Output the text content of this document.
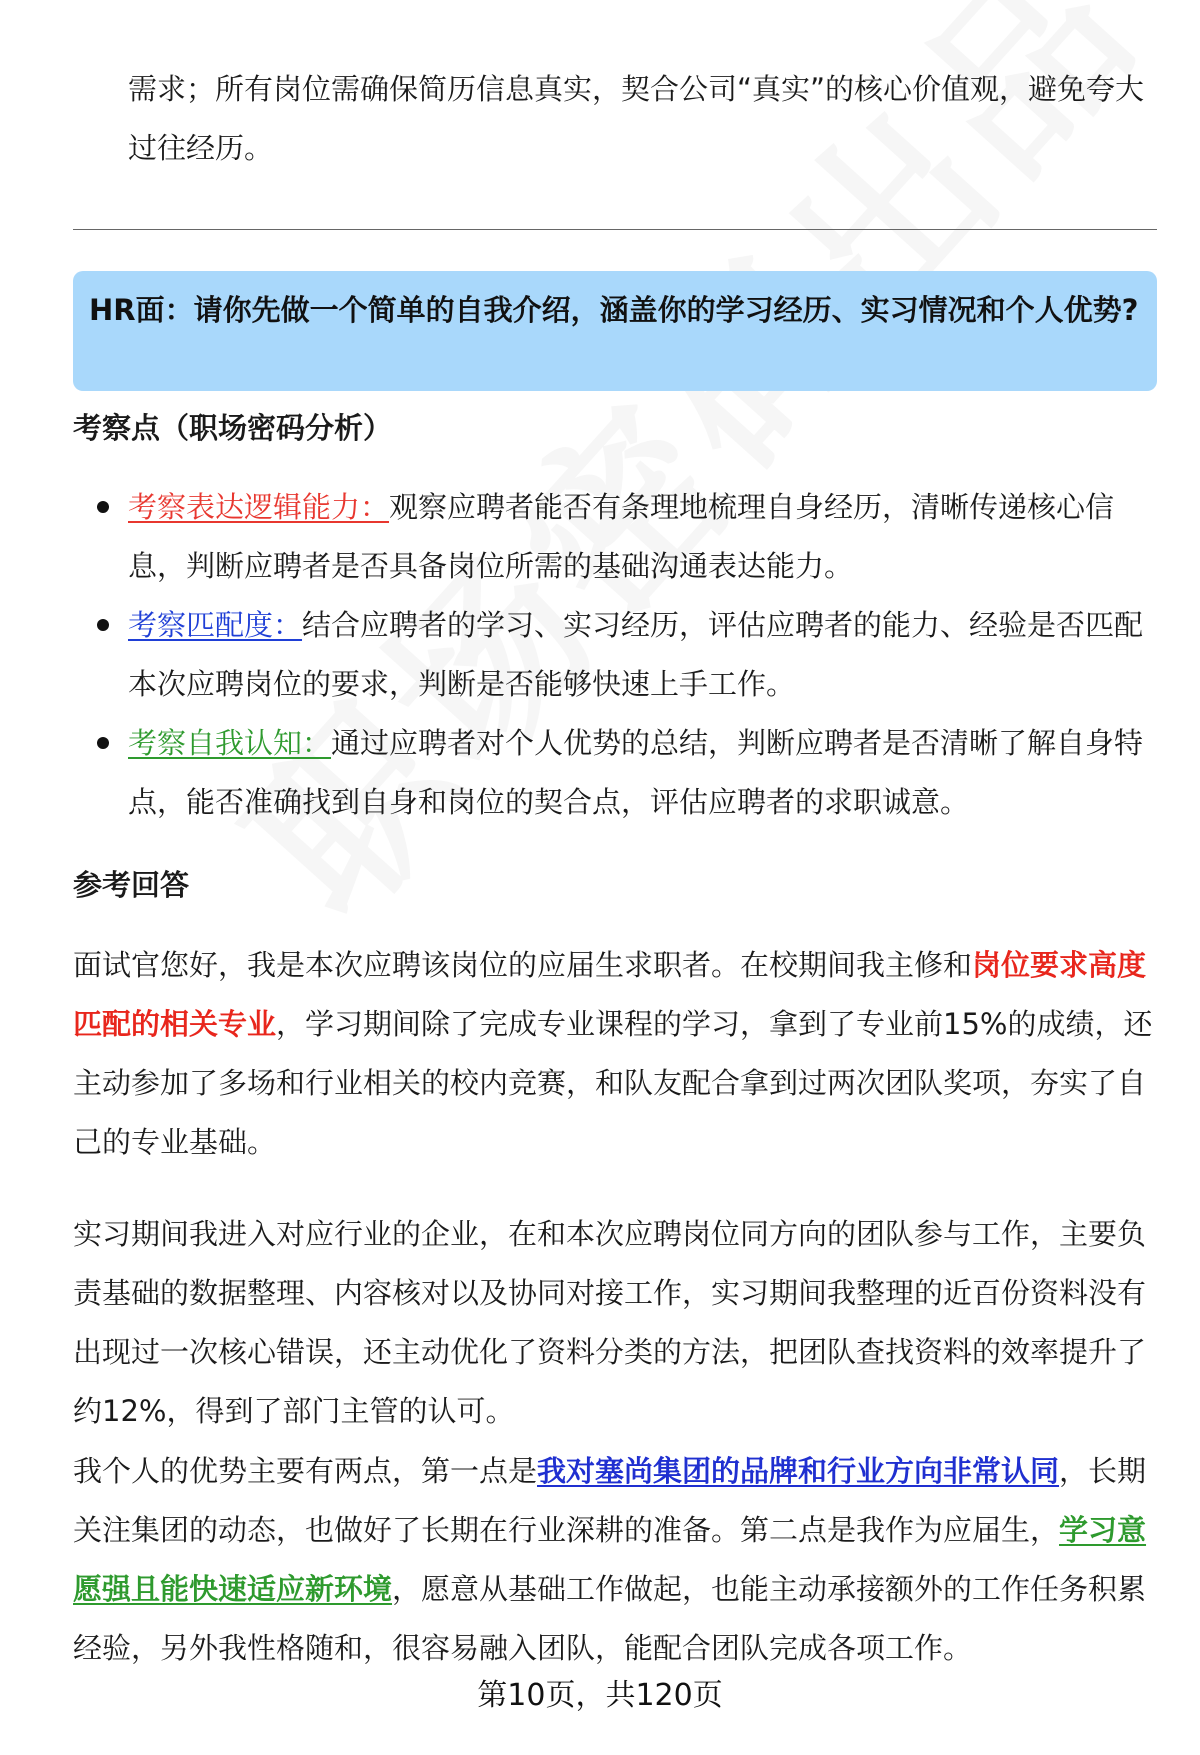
需求；所有岗位需确保简历信息真实，契合公司“真实”的核心价值观，避免夸大过往经历。

HR面：请你先做一个简单的自我介绍，涵盖你的学习经历、实习情况和个人优势?
考察点（职场密码分析）
考察表达逻辑能力：观察应聘者能否有条理地梳理自身经历，清晰传递核心信息，判断应聘者是否具备岗位所需的基础沟通表达能力。
考察匹配度：结合应聘者的学习、实习经历，评估应聘者的能力、经验是否匹配本次应聘岗位的要求，判断是否能够快速上手工作。
考察自我认知：通过应聘者对个人优势的总结，判断应聘者是否清晰了解自身特点，能否准确找到自身和岗位的契合点，评估应聘者的求职诚意。
参考回答

面试官您好，我是本次应聘该岗位的应届生求职者。在校期间我主修和岗位要求高度匹配的相关专业，学习期间除了完成专业课程的学习，拿到了专业前15%的成绩，还主动参加了多场和行业相关的校内竞赛，和队友配合拿到过两次团队奖项，夯实了自己的专业基础。

实习期间我进入对应行业的企业，在和本次应聘岗位同方向的团队参与工作，主要负责基础的数据整理、内容核对以及协同对接工作，实习期间我整理的近百份资料没有出现过一次核心错误，还主动优化了资料分类的方法，把团队查找资料的效率提升了约12%，得到了部门主管的认可。

我个人的优势主要有两点，第一点是我对塞尚集团的品牌和行业方向非常认同，长期关注集团的动态，也做好了长期在行业深耕的准备。第二点是我作为应届生，学习意愿强且能快速适应新环境，愿意从基础工作做起，也能主动承接额外的工作任务积累经验，另外我性格随和，很容易融入团队，能配合团队完成各项工作。

第10页，共120页
